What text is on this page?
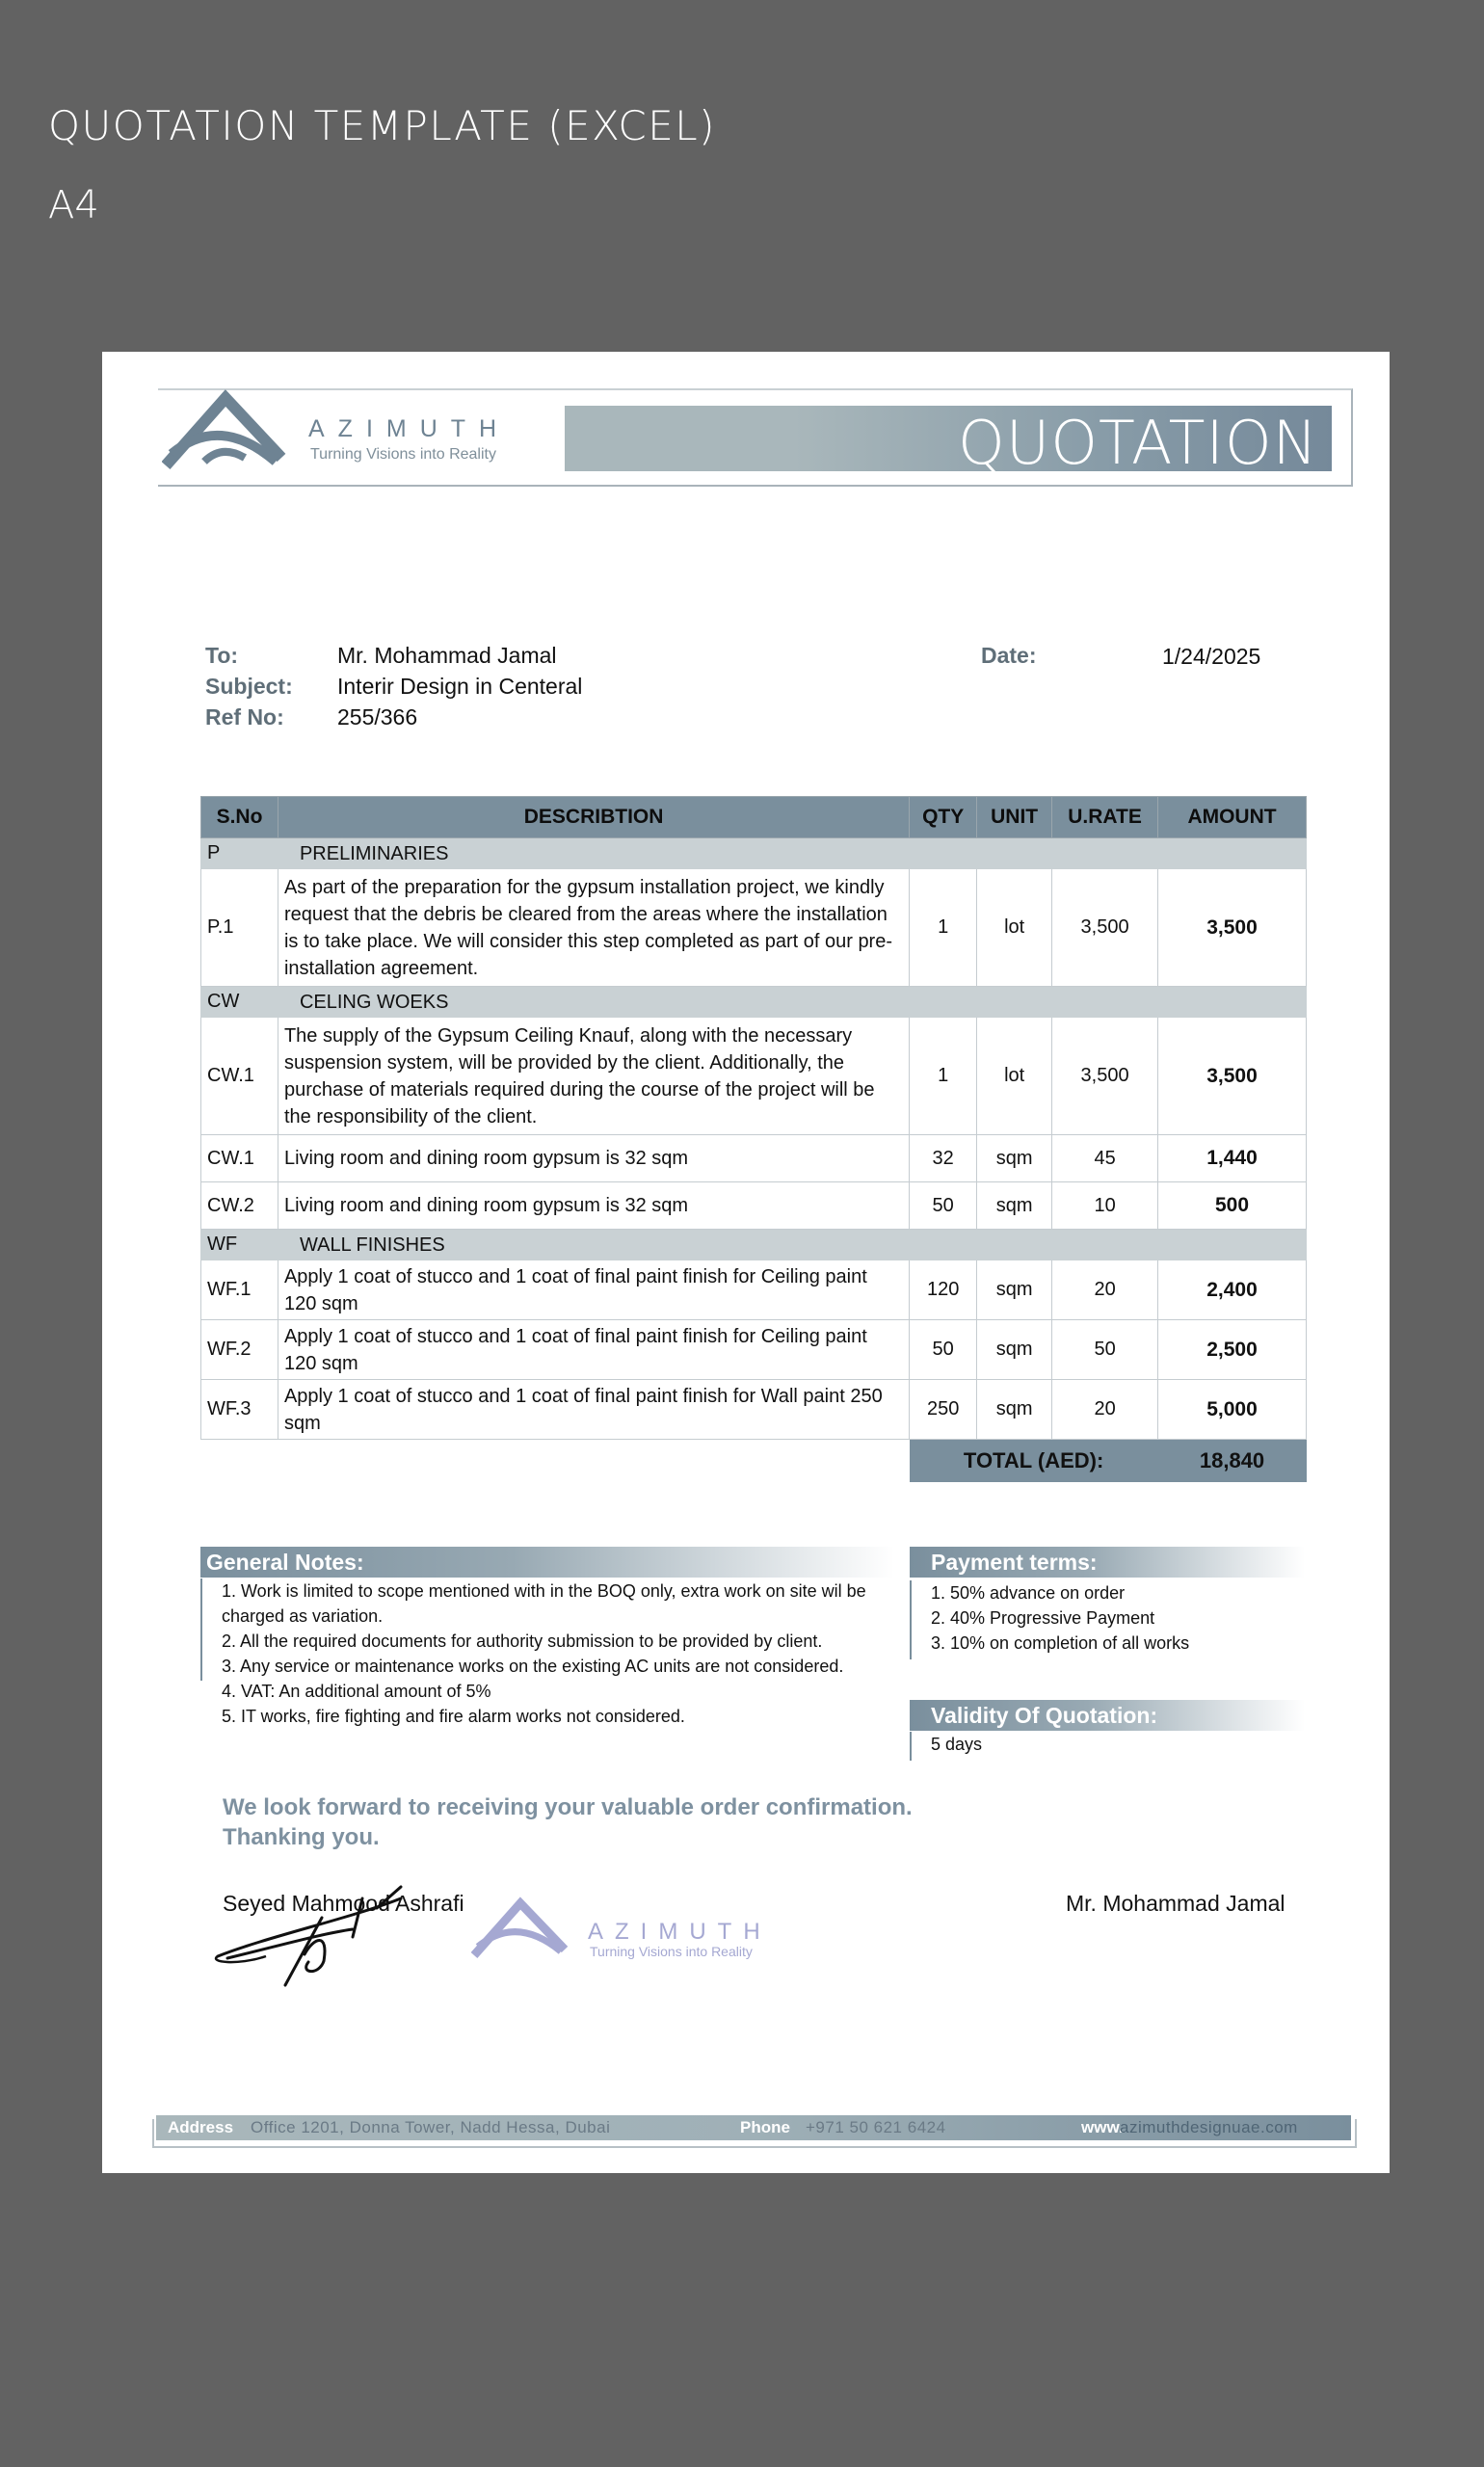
QUOTATION TEMPLATE (EXCEL)
A4
AZIMUTH
Turning Visions into Reality	QUOTATION
To:	Mr. Mohammad Jamal
Subject: Interir Design in Centeral
Ref No: 255/366
Date:	1/24/2025
S.No	DESCRIBTION	QTY	UNIT	U.RATE	AMOUNT
P	PRELIMINARIES				
P.1	As part of the preparation for the gypsum installation project, we kindly request that the debris be cleared from the areas where the installation is to take place. We will consider this step completed as part of our pre-installation agreement.	1	lot	3,500	3,500
CW	CELING WOEKS				
CW.1	The supply of the Gypsum Ceiling Knauf, along with the necessary suspension system, will be provided by the client. Additionally, the purchase of materials required during the course of the project will be the responsibility of the client.	1	lot	3,500	3,500
CW.1	Living room and dining room gypsum is 32 sqm	32	sqm	45	1,440
CW.2	Living room and dining room gypsum is 32 sqm	50	sqm	10	500
WF	WALL FINISHES				
WF.1	Apply 1 coat of stucco and 1 coat of final paint finish for Ceiling paint 120 sqm	120	sqm	20	2,400
WF.2	Apply 1 coat of stucco and 1 coat of final paint finish for Ceiling paint 120 sqm	50	sqm	50	2,500
WF.3	Apply 1 coat of stucco and 1 coat of final paint finish for Wall paint 250 sqm	250	sqm	20	5,000
		TOTAL (AED):			18,840
General Notes:
1. Work is limited to scope mentioned with in the BOQ only, extra work on site wil be charged as variation.
2. All the required documents for authority submission to be provided by client.
3. Any service or maintenance works on the existing AC units are not considered.
4. VAT: An additional amount of 5%
5. IT works, fire fighting and fire alarm works not considered.
Payment terms:
1. 50% advance on order
2. 40% Progressive Payment
3. 10% on completion of all works
Validity Of Quotation:
5 days
We look forward to receiving your valuable order confirmation.
Thanking you.
Seyed Mahmood Ashrafi	Mr. Mohammad Jamal
AZIMUTH
Turning Visions into Reality
Address Office 1201, Donna Tower, Nadd Hessa, Dubai	Phone +971 50 621 6424	www.
azimuthdesignuae.com
